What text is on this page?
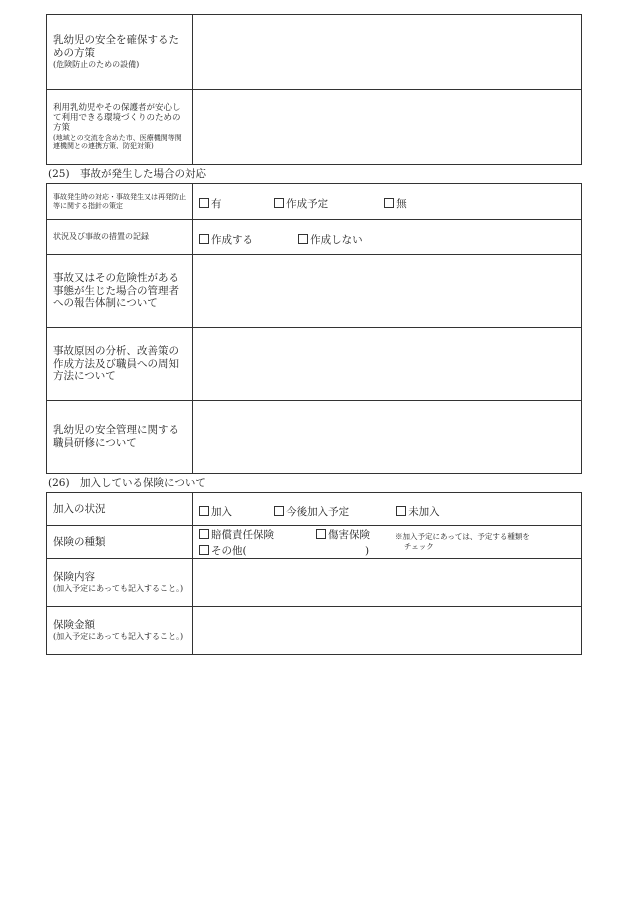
乳幼児の安全を確保するための方策
(危険防止のための設備)	

利用乳幼児やその保護者が安心して利用できる環境づくりのための方策
(地域との交流を含めた市、医療機関等関連機関との連携方策、防犯対策)	

(25)　事故が発生した場合の対応
事故発生時の対応・事故発生又は再発防止等に関する指針の策定	有 作成予定 無

状況及び事故の措置の記録	作成する 作成しない

事故又はその危険性がある事態が生じた場合の管理者への報告体制について	

事故原因の分析、改善策の作成方法及び職員への周知方法について	

乳幼児の安全管理に関する職員研修について	

(26)　加入している保険について
加入の状況	加入 今後加入予定 未加入

保険の種類	賠償責任保険 傷害保険
その他( )
※加入予定にあっては、予定する種類を
チェック

保険内容
(加入予定にあっても記入すること。)	

保険金額
(加入予定にあっても記入すること。)	
